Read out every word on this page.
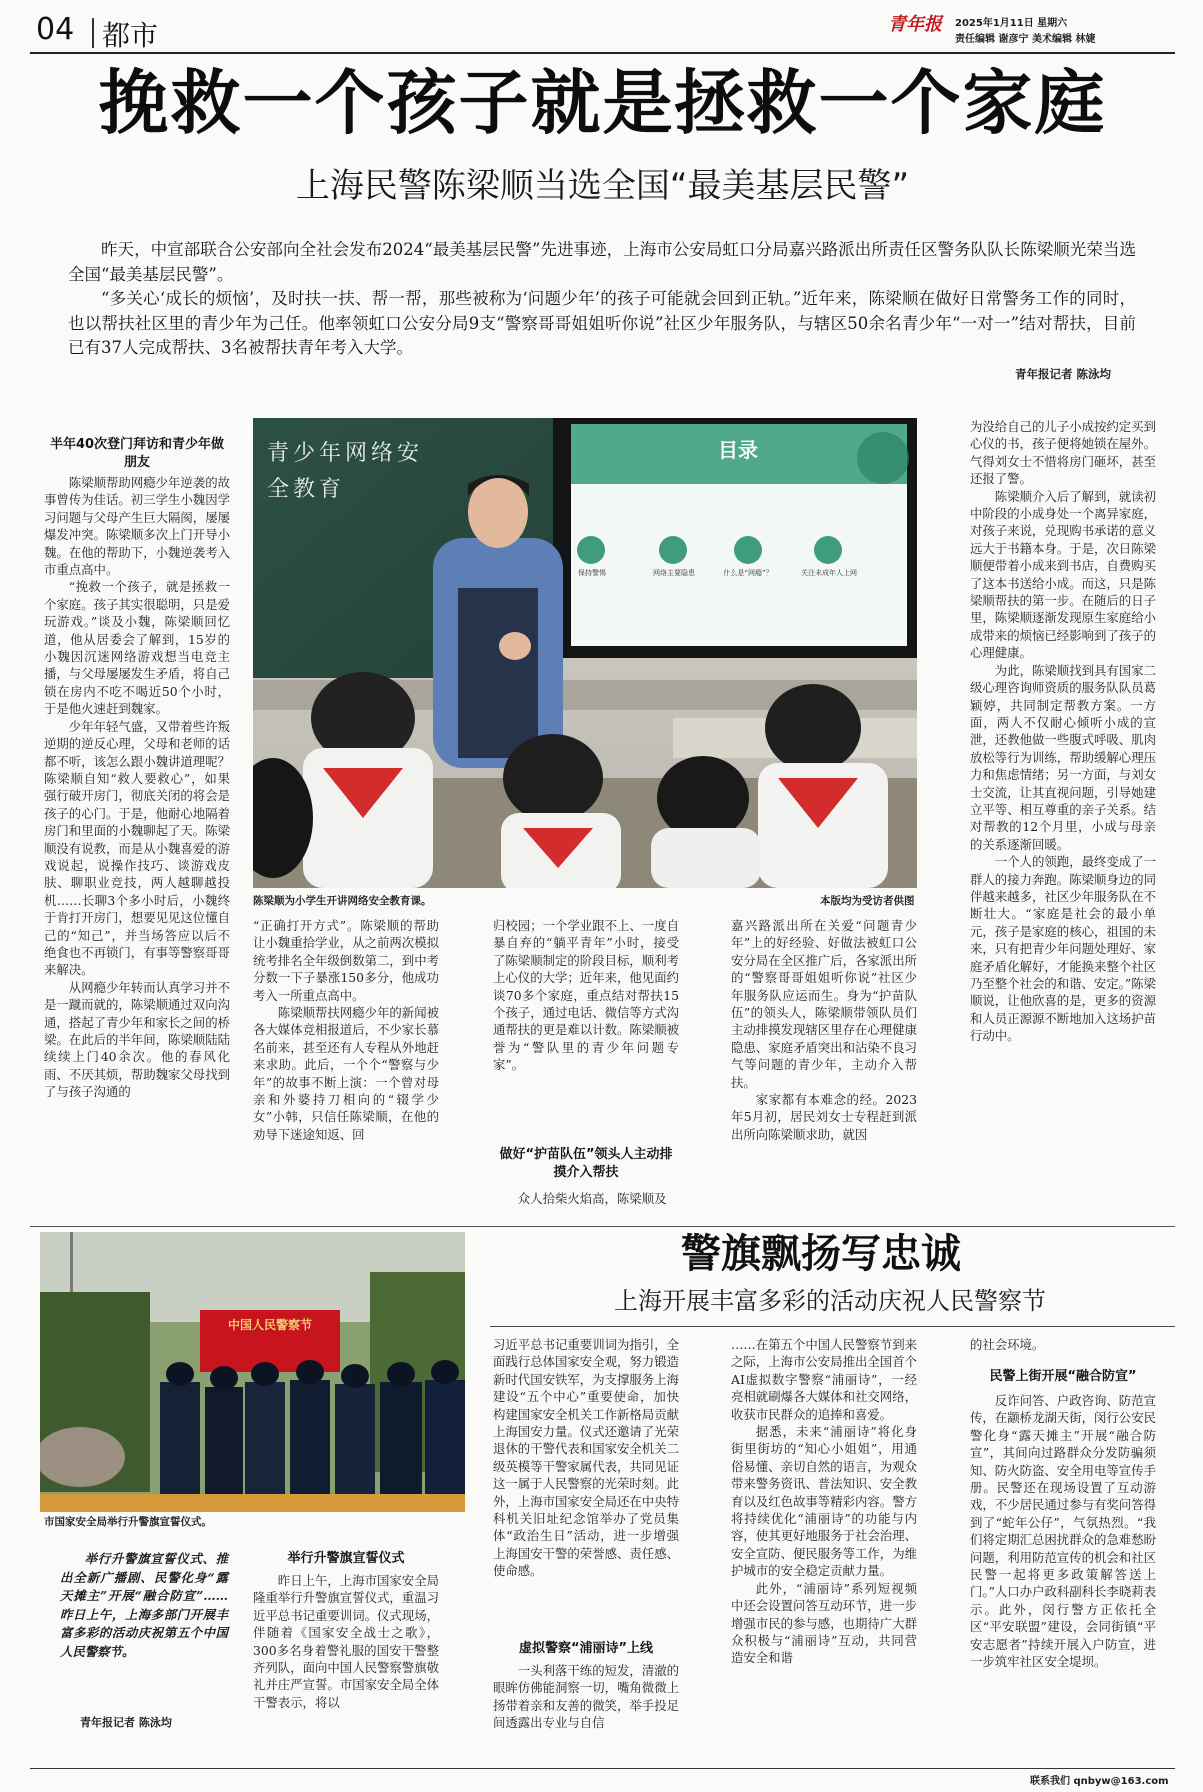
04 都市	青年报 2025年1月11日 星期六
责任编辑 谢彦宁 美术编辑 林婕
挽救一个孩子就是拯救一个家庭
上海民警陈梁顺当选全国“最美基层民警”

昨天，中宣部联合公安部向全社会发布2024“最美基层民警”先进事迹，上海市公安局虹口分局嘉兴路派出所责任区警务队队长陈梁顺光荣当选全国“最美基层民警”。

“多关心‘成长的烦恼’，及时扶一扶、帮一帮，那些被称为‘问题少年’的孩子可能就会回到正轨。”近年来，陈梁顺在做好日常警务工作的同时，也以帮扶社区里的青少年为己任。他率领虹口公安分局9支“警察哥哥姐姐听你说”社区少年服务队，与辖区50余名青少年“一对一”结对帮扶，目前已有37人完成帮扶、3名被帮扶青年考入大学。

青年报记者 陈泳均
青少年网络安全教育
目录
保持警惕	网络主要隐患	什么是“网瘾”？	关注未成年人上网
陈梁顺为小学生开讲网络安全教育课。	本版均为受访者供图
半年40次登门拜访和青少年做朋友

陈梁顺帮助网瘾少年逆袭的故事曾传为佳话。初三学生小魏因学习问题与父母产生巨大隔阂，屡屡爆发冲突。陈梁顺多次上门开导小魏。在他的帮助下，小魏逆袭考入市重点高中。

“挽救一个孩子，就是拯救一个家庭。孩子其实很聪明，只是爱玩游戏。”谈及小魏，陈梁顺回忆道，他从居委会了解到，15岁的小魏因沉迷网络游戏想当电竞主播，与父母屡屡发生矛盾，将自己锁在房内不吃不喝近50个小时，于是他火速赶到魏家。

少年年轻气盛，又带着些许叛逆期的逆反心理，父母和老师的话都不听，该怎么跟小魏讲道理呢？陈梁顺自知“救人要救心”，如果强行破开房门，彻底关闭的将会是孩子的心门。于是，他耐心地隔着房门和里面的小魏聊起了天。陈梁顺没有说教，而是从小魏喜爱的游戏说起，说操作技巧、谈游戏皮肤、聊职业竞技，两人越聊越投机……长聊3个多小时后，小魏终于肯打开房门，想要见见这位懂自己的“知己”，并当场答应以后不绝食也不再锁门，有事等警察哥哥来解决。

从网瘾少年转而认真学习并不是一蹴而就的，陈梁顺通过双向沟通，搭起了青少年和家长之间的桥梁。在此后的半年间，陈梁顺陆陆续续上门40余次。他的春风化雨、不厌其烦，帮助魏家父母找到了与孩子沟通的

“正确打开方式”。陈梁顺的帮助让小魏重拾学业，从之前两次模拟统考排名全年级倒数第二，到中考分数一下子暴涨150多分，他成功考入一所重点高中。

陈梁顺帮扶网瘾少年的新闻被各大媒体竞相报道后，不少家长慕名前来，甚至还有人专程从外地赶来求助。此后，一个个“警察与少年”的故事不断上演：一个曾对母亲和外婆持刀相向的“辍学少女”小韩，只信任陈梁顺，在他的劝导下迷途知返、回

归校园；一个学业跟不上、一度自暴自弃的“躺平青年”小时，接受了陈梁顺制定的阶段目标，顺利考上心仪的大学；近年来，他见面约谈70多个家庭，重点结对帮扶15个孩子，通过电话、微信等方式沟通帮扶的更是难以计数。陈梁顺被誉为“警队里的青少年问题专家”。

做好“护苗队伍”领头人主动排摸介入帮扶

众人拾柴火焰高，陈梁顺及

嘉兴路派出所在关爱“问题青少年”上的好经验、好做法被虹口公安分局在全区推广后，各家派出所的“警察哥哥姐姐听你说”社区少年服务队应运而生。身为“护苗队伍”的领头人，陈梁顺带领队员们主动排摸发现辖区里存在心理健康隐患、家庭矛盾突出和沾染不良习气等问题的青少年，主动介入帮扶。

家家都有本难念的经。2023年5月初，居民刘女士专程赶到派出所向陈梁顺求助，就因

为没给自己的儿子小成按约定买到心仪的书，孩子便将她锁在屋外。气得刘女士不惜将房门砸坏，甚至还报了警。

陈梁顺介入后了解到，就读初中阶段的小成身处一个离异家庭，对孩子来说，兑现购书承诺的意义远大于书籍本身。于是，次日陈梁顺便带着小成来到书店，自费购买了这本书送给小成。而这，只是陈梁顺帮扶的第一步。在随后的日子里，陈梁顺逐渐发现原生家庭给小成带来的烦恼已经影响到了孩子的心理健康。

为此，陈梁顺找到具有国家二级心理咨询师资质的服务队队员葛颖婷，共同制定帮教方案。一方面，两人不仅耐心倾听小成的宣泄，还教他做一些腹式呼吸、肌肉放松等行为训练，帮助缓解心理压力和焦虑情绪；另一方面，与刘女士交流，让其直视问题，引导她建立平等、相互尊重的亲子关系。结对帮教的12个月里，小成与母亲的关系逐渐回暖。

一个人的领跑，最终变成了一群人的接力奔跑。陈梁顺身边的同伴越来越多，社区少年服务队在不断壮大。“家庭是社会的最小单元，孩子是家庭的核心，祖国的未来，只有把青少年问题处理好、家庭矛盾化解好，才能换来整个社区乃至整个社会的和谐、安定。”陈梁顺说，让他欣喜的是，更多的资源和人员正源源不断地加入这场护苗行动中。

中国人民警察节
市国家安全局举行升警旗宣誓仪式。
警旗飘扬写忠诚
上海开展丰富多彩的活动庆祝人民警察节
举行升警旗宣誓仪式、推出全新广播剧、民警化身“露天摊主”开展“融合防宣”……昨日上午，上海多部门开展丰富多彩的活动庆祝第五个中国人民警察节。
青年报记者 陈泳均
举行升警旗宣誓仪式

昨日上午，上海市国家安全局隆重举行升警旗宣誓仪式，重温习近平总书记重要训词。仪式现场，伴随着《国家安全战士之歌》，300多名身着警礼服的国安干警整齐列队，面向中国人民警察警旗敬礼并庄严宣誓。市国家安全局全体干警表示，将以

习近平总书记重要训词为指引，全面践行总体国家安全观，努力锻造新时代国安铁军，为支撑服务上海建设“五个中心”重要使命，加快构建国家安全机关工作新格局贡献上海国安力量。仪式还邀请了光荣退休的干警代表和国家安全机关二级英模等干警家属代表，共同见证这一属于人民警察的光荣时刻。此外，上海市国家安全局还在中央特科机关旧址纪念馆举办了党员集体“政治生日”活动，进一步增强上海国安干警的荣誉感、责任感、使命感。

虚拟警察“浦丽诗”上线

一头利落干练的短发，清澈的眼眸仿佛能洞察一切，嘴角微微上扬带着亲和友善的微笑，举手投足间透露出专业与自信

……在第五个中国人民警察节到来之际，上海市公安局推出全国首个AI虚拟数字警察“浦丽诗”，一经亮相就刷爆各大媒体和社交网络，收获市民群众的追捧和喜爱。

据悉，未来“浦丽诗”将化身街里街坊的“知心小姐姐”，用通俗易懂、亲切自然的语言，为观众带来警务资讯、普法知识、安全教育以及红色故事等精彩内容。警方将持续优化“浦丽诗”的功能与内容，使其更好地服务于社会治理、安全宣防、便民服务等工作，为维护城市的安全稳定贡献力量。

此外，“浦丽诗”系列短视频中还会设置问答互动环节，进一步增强市民的参与感，也期待广大群众积极与“浦丽诗”互动，共同营造安全和谐

的社会环境。

民警上街开展“融合防宣”

反诈问答、户政咨询、防范宣传，在颛桥龙湖天街，闵行公安民警化身“露天摊主”开展“融合防宣”，其间向过路群众分发防骗须知、防火防盗、安全用电等宣传手册。民警还在现场设置了互动游戏，不少居民通过参与有奖问答得到了“蛇年公仔”，气氛热烈。“我们将定期汇总困扰群众的急难愁盼问题，利用防范宣传的机会和社区民警一起将更多政策解答送上门。”人口办户政科副科长李晓莉表示。此外，闵行警方正依托全区“平安联盟”建设，会同街镇“平安志愿者”持续开展入户防宣，进一步筑牢社区安全堤坝。

联系我们 qnbyw@163.com
